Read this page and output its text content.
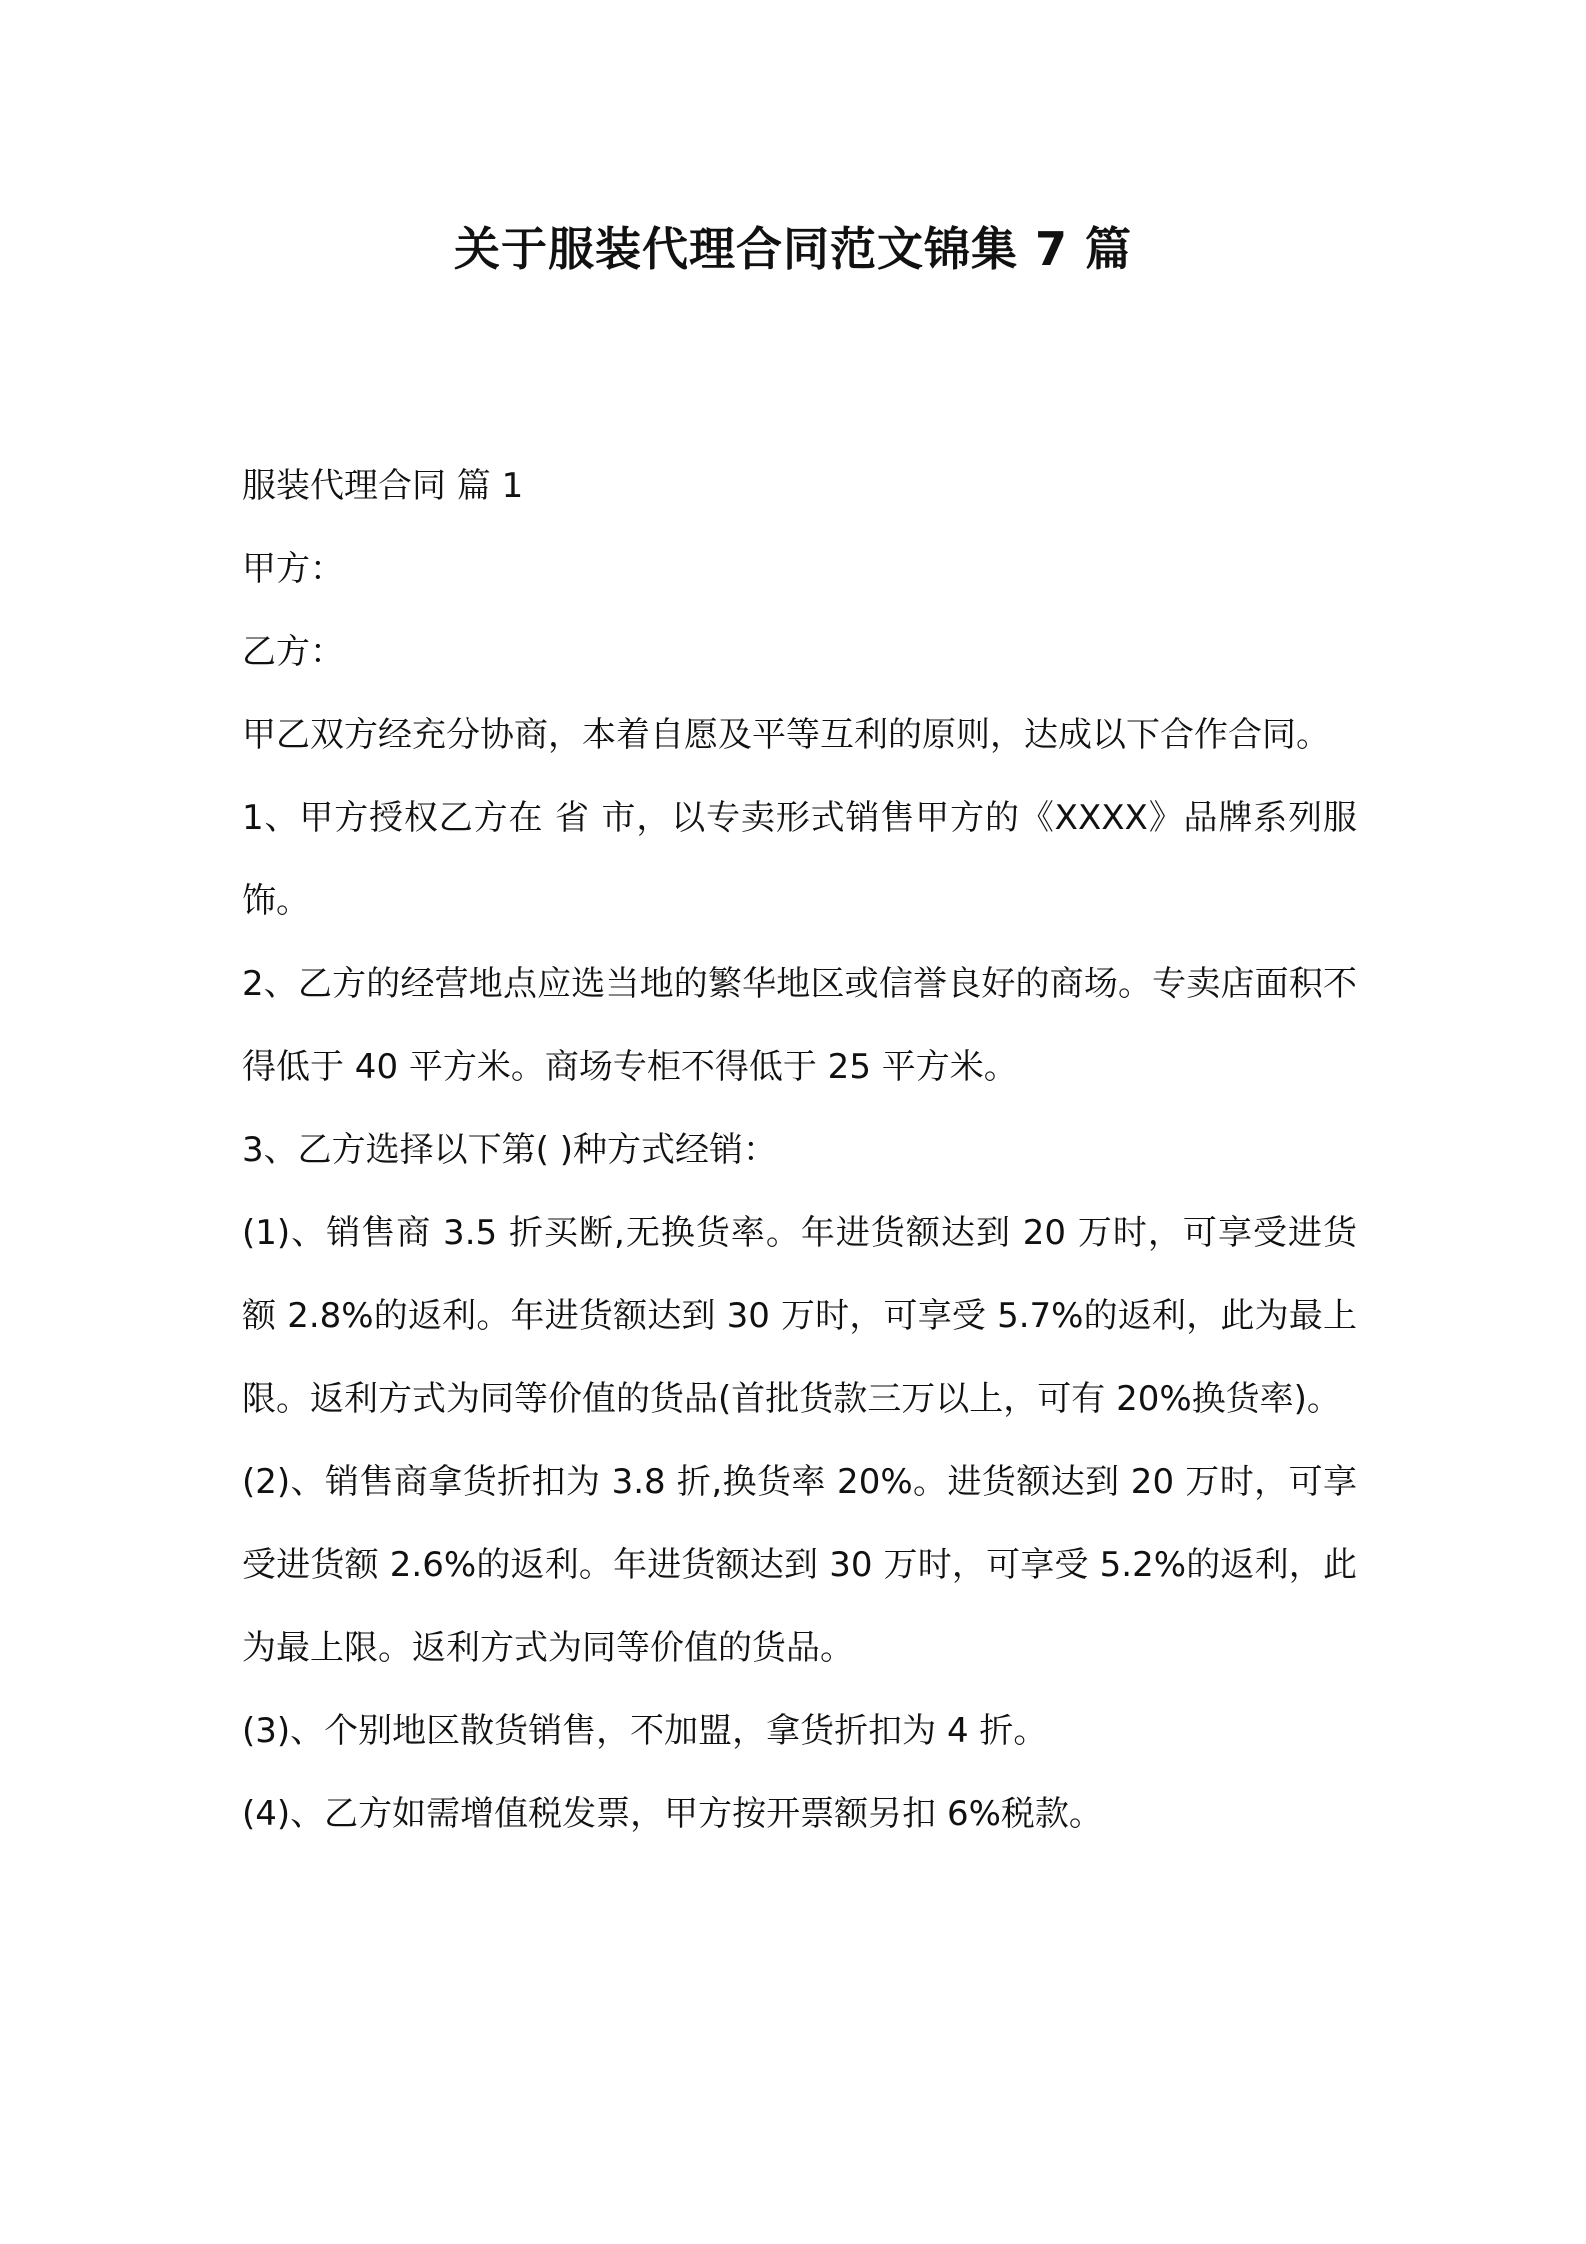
关于服装代理合同范文锦集 7 篇

服装代理合同 篇 1

甲方：

乙方：

甲乙双方经充分协商，本着自愿及平等互利的原则，达成以下合作合同。

1、甲方授权乙方在 省 市，以专卖形式销售甲方的《XXXX》品牌系列服饰。

2、乙方的经营地点应选当地的繁华地区或信誉良好的商场。专卖店面积不得低于 40 平方米。商场专柜不得低于 25 平方米。

3、乙方选择以下第( )种方式经销：

(1)、销售商 3.5 折买断,无换货率。年进货额达到 20 万时，可享受进货额 2.8%的返利。年进货额达到 30 万时，可享受 5.7%的返利，此为最上限。返利方式为同等价值的货品(首批货款三万以上，可有 20%换货率)。

(2)、销售商拿货折扣为 3.8 折,换货率 20%。进货额达到 20 万时，可享受进货额 2.6%的返利。年进货额达到 30 万时，可享受 5.2%的返利，此为最上限。返利方式为同等价值的货品。

(3)、个别地区散货销售，不加盟，拿货折扣为 4 折。

(4)、乙方如需增值税发票，甲方按开票额另扣 6%税款。
